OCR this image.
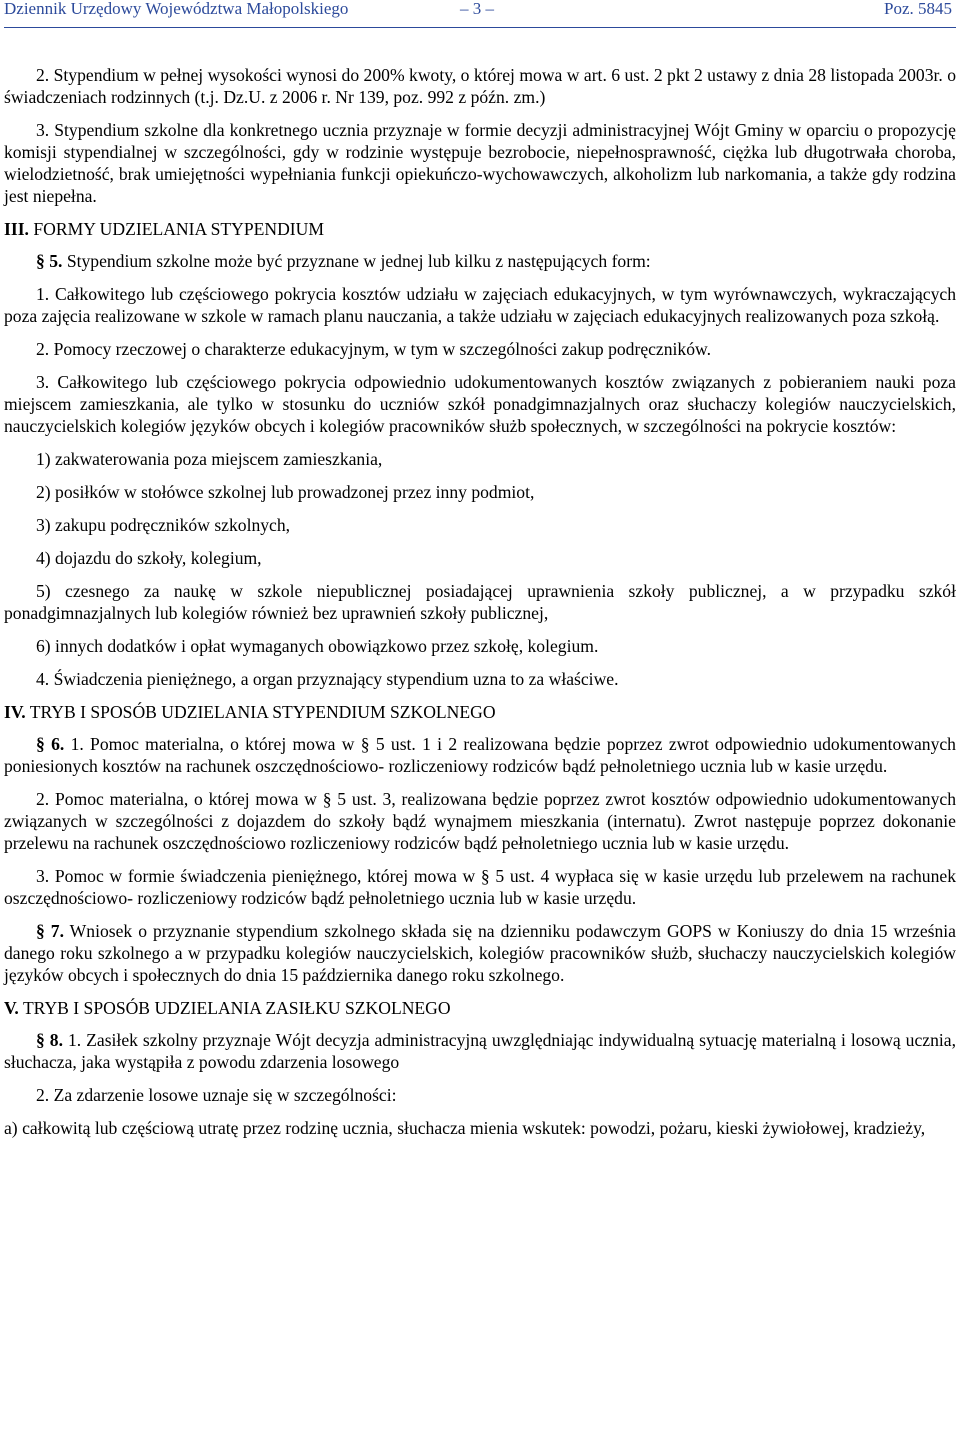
Dziennik Urzędowy Województwa Małopolskiego	– 3 –	Poz. 5845

2. Stypendium w pełnej wysokości wynosi do 200% kwoty, o której mowa w art. 6 ust. 2 pkt 2 ustawy z dnia 28 listopada 2003r. o świadczeniach rodzinnych (t.j. Dz.U. z 2006 r. Nr 139, poz. 992 z późn. zm.)

3. Stypendium szkolne dla konkretnego ucznia przyznaje w formie decyzji administracyjnej Wójt Gminy w oparciu o propozycję komisji stypendialnej w szczególności, gdy w rodzinie występuje bezrobocie, niepełnosprawność, ciężka lub długotrwała choroba, wielodzietność, brak umiejętności wypełniania funkcji opiekuńczo-wychowawczych, alkoholizm lub narkomania, a także gdy rodzina jest niepełna.

III. FORMY UDZIELANIA STYPENDIUM

§ 5. Stypendium szkolne może być przyznane w jednej lub kilku z następujących form:

1. Całkowitego lub częściowego pokrycia kosztów udziału w zajęciach edukacyjnych, w tym wyrównawczych, wykraczających poza zajęcia realizowane w szkole w ramach planu nauczania, a także udziału w zajęciach edukacyjnych realizowanych poza szkołą.

2. Pomocy rzeczowej o charakterze edukacyjnym, w tym w szczególności zakup podręczników.

3. Całkowitego lub częściowego pokrycia odpowiednio udokumentowanych kosztów związanych z pobieraniem nauki poza miejscem zamieszkania, ale tylko w stosunku do uczniów szkół ponadgimnazjalnych oraz słuchaczy kolegiów nauczycielskich, nauczycielskich kolegiów języków obcych i kolegiów pracowników służb społecznych, w szczególności na pokrycie kosztów:

1) zakwaterowania poza miejscem zamieszkania,

2) posiłków w stołówce szkolnej lub prowadzonej przez inny podmiot,

3) zakupu podręczników szkolnych,

4) dojazdu do szkoły, kolegium,

5) czesnego za naukę w szkole niepublicznej posiadającej uprawnienia szkoły publicznej, a w przypadku szkół ponadgimnazjalnych lub kolegiów również bez uprawnień szkoły publicznej,

6) innych dodatków i opłat wymaganych obowiązkowo przez szkołę, kolegium.

4. Świadczenia pieniężnego, a organ przyznający stypendium uzna to za właściwe.

IV. TRYB I SPOSÓB UDZIELANIA STYPENDIUM SZKOLNEGO

§ 6. 1. Pomoc materialna, o której mowa w § 5 ust. 1 i 2 realizowana będzie poprzez zwrot odpowiednio udokumentowanych poniesionych kosztów na rachunek oszczędnościowo- rozliczeniowy rodziców bądź pełnoletniego ucznia lub w kasie urzędu.

2. Pomoc materialna, o której mowa w § 5 ust. 3, realizowana będzie poprzez zwrot kosztów odpowiednio udokumentowanych związanych w szczególności z dojazdem do szkoły bądź wynajmem mieszkania (internatu). Zwrot następuje poprzez dokonanie przelewu na rachunek oszczędnościowo rozliczeniowy rodziców bądź pełnoletniego ucznia lub w kasie urzędu.

3. Pomoc w formie świadczenia pieniężnego, której mowa w § 5 ust. 4 wypłaca się w kasie urzędu lub przelewem na rachunek oszczędnościowo- rozliczeniowy rodziców bądź pełnoletniego ucznia lub w kasie urzędu.

§ 7. Wniosek o przyznanie stypendium szkolnego składa się na dzienniku podawczym GOPS w Koniuszy do dnia 15 września danego roku szkolnego a w przypadku kolegiów nauczycielskich, kolegiów pracowników służb, słuchaczy nauczycielskich kolegiów języków obcych i społecznych do dnia 15 października danego roku szkolnego.

V. TRYB I SPOSÓB UDZIELANIA ZASIŁKU SZKOLNEGO

§ 8. 1. Zasiłek szkolny przyznaje Wójt decyzja administracyjną uwzględniając indywidualną sytuację materialną i losową ucznia, słuchacza, jaka wystąpiła z powodu zdarzenia losowego

2. Za zdarzenie losowe uznaje się w szczególności:

a) całkowitą lub częściową utratę przez rodzinę ucznia, słuchacza mienia wskutek: powodzi, pożaru, kieski żywiołowej, kradzieży,
